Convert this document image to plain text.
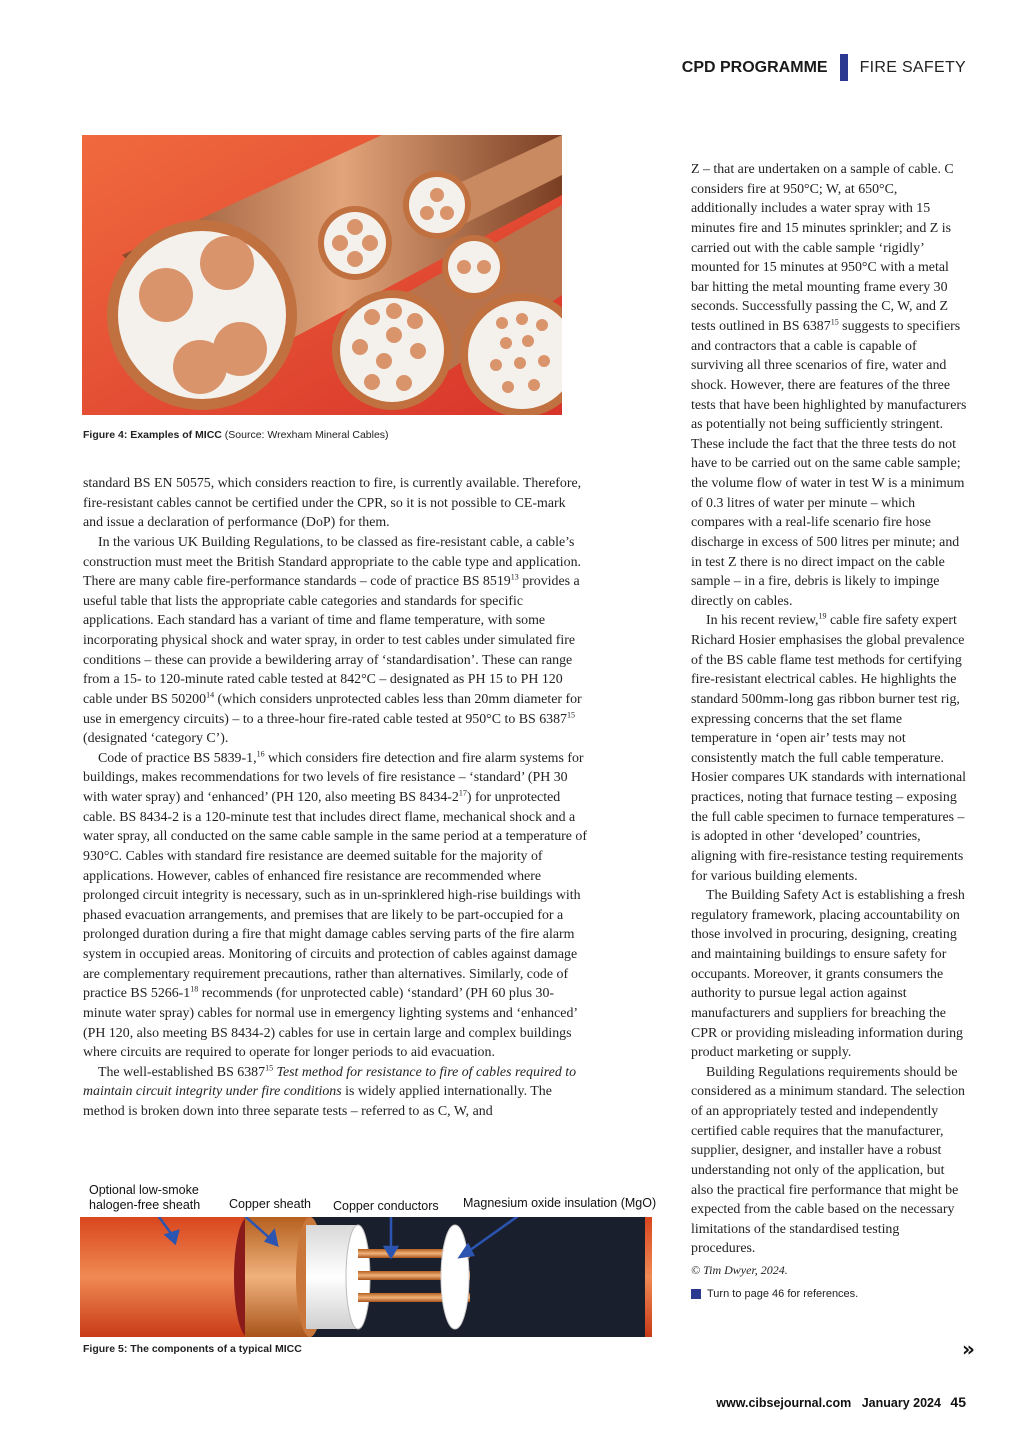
CPD PROGRAMME FIRE SAFETY
Figure 4: Examples of MICC (Source: Wrexham Mineral Cables)

standard BS EN 50575, which considers reaction to fire, is currently available. Therefore, fire-resistant cables cannot be certified under the CPR, so it is not possible to CE-mark and issue a declaration of performance (DoP) for them.

In the various UK Building Regulations, to be classed as fire-resistant cable, a cable’s construction must meet the British Standard appropriate to the cable type and application. There are many cable fire-performance standards – code of practice BS 8519$^{13}$ provides a useful table that lists the appropriate cable categories and standards for specific applications. Each standard has a variant of time and flame temperature, with some incorporating physical shock and water spray, in order to test cables under simulated fire conditions – these can provide a bewildering array of ‘standardisation’. These can range from a 15- to 120-minute rated cable tested at 842°C – designated as PH 15 to PH 120 cable under BS 50200$^{14}$ (which considers unprotected cables less than 20mm diameter for use in emergency circuits) – to a three-hour fire-rated cable tested at 950°C to BS 6387$^{15}$ (designated ‘category C’).

Code of practice BS 5839-1,16 which considers fire detection and fire alarm systems for buildings, makes recommendations for two levels of fire resistance – ‘standard’ (PH 30 with water spray) and ‘enhanced’ (PH 120, also meeting BS $8434-2^{17}$) for unprotected cable. BS 8434-2 is a 120-minute test that includes direct flame, mechanical shock and a water spray, all conducted on the same cable sample in the same period at a temperature of 930°C. Cables with standard fire resistance are deemed suitable for the majority of applications. However, cables of enhanced fire resistance are recommended where prolonged circuit integrity is necessary, such as in un-sprinklered high-rise buildings with phased evacuation arrangements, and premises that are likely to be part-occupied for a prolonged duration during a fire that might damage cables serving parts of the fire alarm system in occupied areas. Monitoring of circuits and protection of cables against damage are complementary requirement precautions, rather than alternatives. Similarly, code of practice BS $5266-1^{18}$ recommends (for unprotected cable) ‘standard’ (PH 60 plus 30-minute water spray) cables for normal use in emergency lighting systems and ‘enhanced’ (PH 120, also meeting BS 8434-2) cables for use in certain large and complex buildings where circuits are required to operate for longer periods to aid evacuation.

The well-established BS 6387$^{15}$ Test method for resistance to fire of cables required to maintain circuit integrity under fire conditions is widely applied internationally. The method is broken down into three separate tests – referred to as C, W, and

Z – that are undertaken on a sample of cable. C considers fire at 950°C; W, at 650°C, additionally includes a water spray with 15 minutes fire and 15 minutes sprinkler; and Z is carried out with the cable sample ‘rigidly’ mounted for 15 minutes at 950°C with a metal bar hitting the metal mounting frame every 30 seconds. Successfully passing the C, W, and Z tests outlined in BS 6387$^{15}$ suggests to specifiers and contractors that a cable is capable of surviving all three scenarios of fire, water and shock. However, there are features of the three tests that have been highlighted by manufacturers as potentially not being sufficiently stringent. These include the fact that the three tests do not have to be carried out on the same cable sample; the volume flow of water in test W is a minimum of 0.3 litres of water per minute – which compares with a real-life scenario fire hose discharge in excess of 500 litres per minute; and in test Z there is no direct impact on the cable sample – in a fire, debris is likely to impinge directly on cables.

In his recent review,$^{19}$ cable fire safety expert Richard Hosier emphasises the global prevalence of the BS cable flame test methods for certifying fire-resistant electrical cables. He highlights the standard 500mm-long gas ribbon burner test rig, expressing concerns that the set flame temperature in ‘open air’ tests may not consistently match the full cable temperature. Hosier compares UK standards with international practices, noting that furnace testing – exposing the full cable specimen to furnace temperatures – is adopted in other ‘developed’ countries, aligning with fire-resistance testing requirements for various building elements.

The Building Safety Act is establishing a fresh regulatory framework, placing accountability on those involved in procuring, designing, creating and maintaining buildings to ensure safety for occupants. Moreover, it grants consumers the authority to pursue legal action against manufacturers and suppliers for breaching the CPR or providing misleading information during product marketing or supply.

Building Regulations requirements should be considered as a minimum standard. The selection of an appropriately tested and independently certified cable requires that the manufacturer, supplier, designer, and installer have a robust understanding not only of the application, but also the practical fire performance that might be expected from the cable based on the necessary limitations of the standardised testing procedures.

© Tim Dwyer, 2024.
Turn to page 46 for references.
»
Optional low-smoke
halogen-free sheath Copper sheath Copper conductors Magnesium oxide insulation (MgO)
Figure 5: The components of a typical MICC
www.cibsejournal.com January 2024 45
